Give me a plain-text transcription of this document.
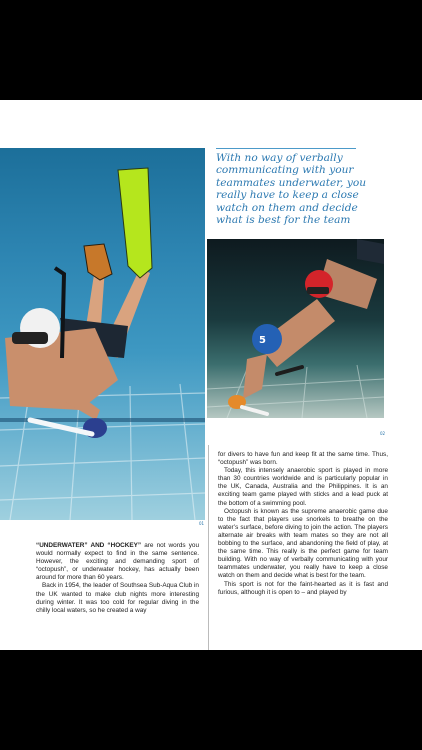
01
With no way of verbally communicating with your teammates underwater, you really have to keep a close watch on them and decide what is best for the team
5
02

“UNDERWATER” AND “HOCKEY” are not words you would normally expect to find in the same sentence. However, the exciting and demanding sport of “octopush”, or underwater hockey, has actually been around for more than 60 years.

Back in 1954, the leader of Southsea Sub-Aqua Club in the UK wanted to make club nights more interesting during winter. It was too cold for regular diving in the chilly local waters, so he created a way

for divers to have fun and keep fit at the same time. Thus, “octopush” was born.

Today, this intensely anaerobic sport is played in more than 30 countries worldwide and is particularly popular in the UK, Canada, Australia and the Philippines. It is an exciting team game played with sticks and a lead puck at the bottom of a swimming pool.

Octopush is known as the supreme anaerobic game due to the fact that players use snorkels to breathe on the water’s surface, before diving to join the action. The players alternate air breaks with team mates so they are not all bobbing to the surface, and abandoning the field of play, at the same time. This really is the perfect game for team building. With no way of verbally communicating with your teammates underwater, you really have to keep a close watch on them and decide what is best for the team.

This sport is not for the faint-hearted as it is fast and furious, although it is open to – and played by
